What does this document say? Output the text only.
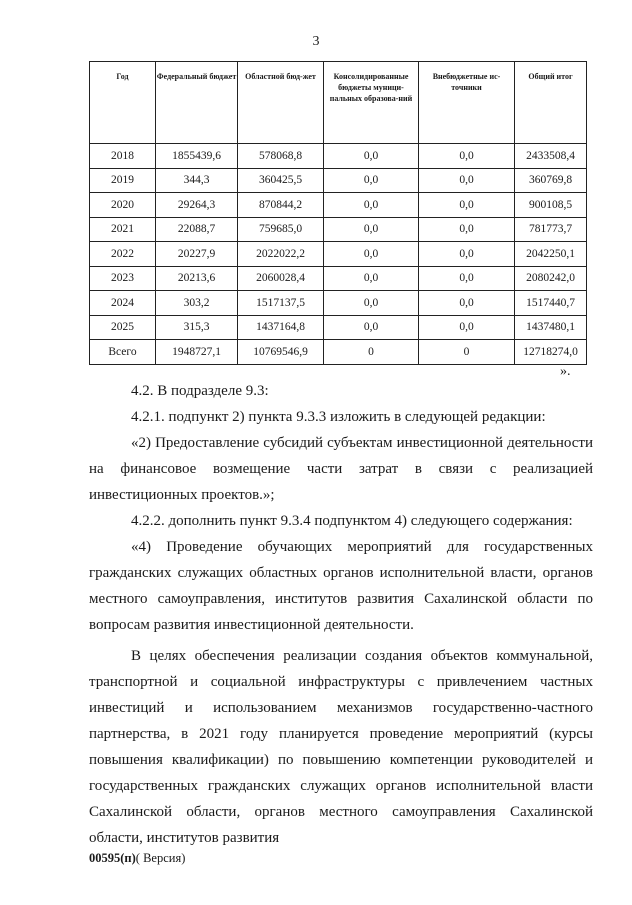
3
Год	Федеральный бюджет	Областной бюд-жет	Консолидированные бюджеты муници-пальных образова-ний	Внебюджетные ис-точники	Общий итог
2018	1855439,6	578068,8	0,0	0,0	2433508,4
2019	344,3	360425,5	0,0	0,0	360769,8
2020	29264,3	870844,2	0,0	0,0	900108,5
2021	22088,7	759685,0	0,0	0,0	781773,7
2022	20227,9	2022022,2	0,0	0,0	2042250,1
2023	20213,6	2060028,4	0,0	0,0	2080242,0
2024	303,2	1517137,5	0,0	0,0	1517440,7
2025	315,3	1437164,8	0,0	0,0	1437480,1
Всего	1948727,1	10769546,9	0	0	12718274,0
».

4.2. В подразделе 9.3:

4.2.1. подпункт 2) пункта 9.3.3 изложить в следующей редакции:

«2) Предоставление субсидий субъектам инвестиционной деятельности на финансовое возмещение части затрат в связи с реализацией инвестиционных проектов.»;

4.2.2. дополнить пункт 9.3.4 подпунктом 4) следующего содержания:

«4) Проведение обучающих мероприятий для государственных гражданских служащих областных органов исполнительной власти, органов местного самоуправления, институтов развития Сахалинской области по вопросам развития инвестиционной деятельности.

В целях обеспечения реализации создания объектов коммунальной, транспортной и социальной инфраструктуры с привлечением частных инвестиций и использованием механизмов государственно-частного партнерства, в 2021 году планируется проведение мероприятий (курсы повышения квалификации) по повышению компетенции руководителей и государственных гражданских служащих органов исполнительной власти Сахалинской области, органов местного самоуправления Сахалинской области, институтов развития

00595(п)( Версия)
